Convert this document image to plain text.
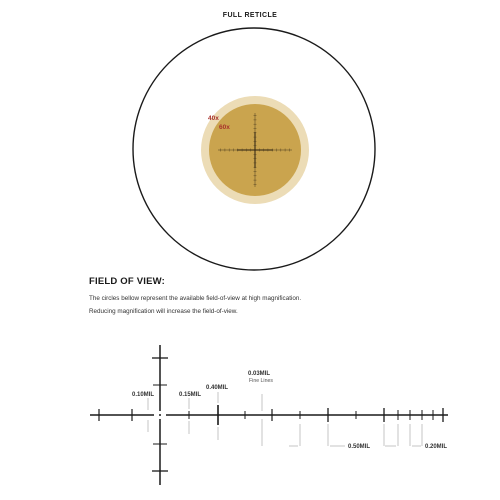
FULL RETICLE
40x
60x
0.10MIL	0.15MIL
0.40MIL
0.03MIL
Fine Lines
0.50MIL	0.20MIL
FIELD OF VIEW:
The circles bellow represent the available field-of-view at high magnification.
Reducing magnification will increase the field-of-view.
